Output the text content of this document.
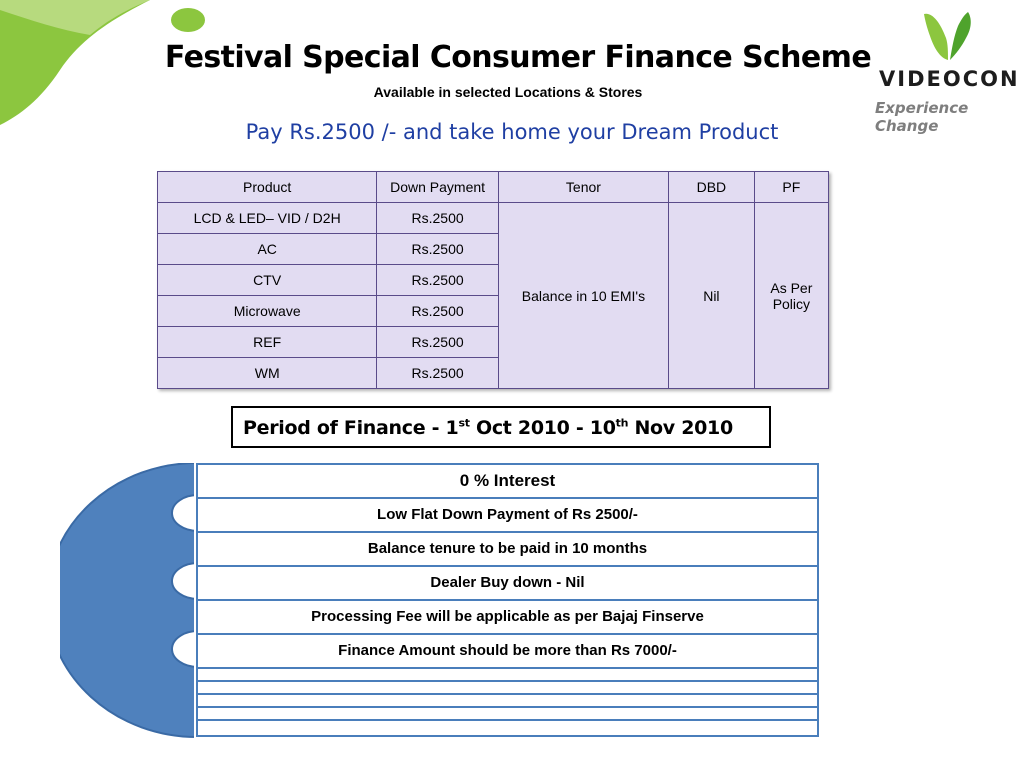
VIDEOCON
Experience Change
Festival Special Consumer Finance Scheme
Available in selected Locations & Stores
Pay Rs.2500 /- and take home your Dream Product
Product	Down Payment	Tenor	DBD	PF
LCD & LED– VID / D2H	Rs.2500	Balance in 10 EMI's	Nil	As Per Policy
AC	Rs.2500			
CTV	Rs.2500			
Microwave	Rs.2500			
REF	Rs.2500			
WM	Rs.2500			
Period of Finance - 1st Oct 2010 - 10th Nov 2010
0 % Interest
Low Flat Down Payment of Rs 2500/-
Balance tenure to be paid in 10 months
Dealer Buy down - Nil
Processing Fee will be applicable as per Bajaj Finserve
Finance Amount should be more than Rs 7000/-
